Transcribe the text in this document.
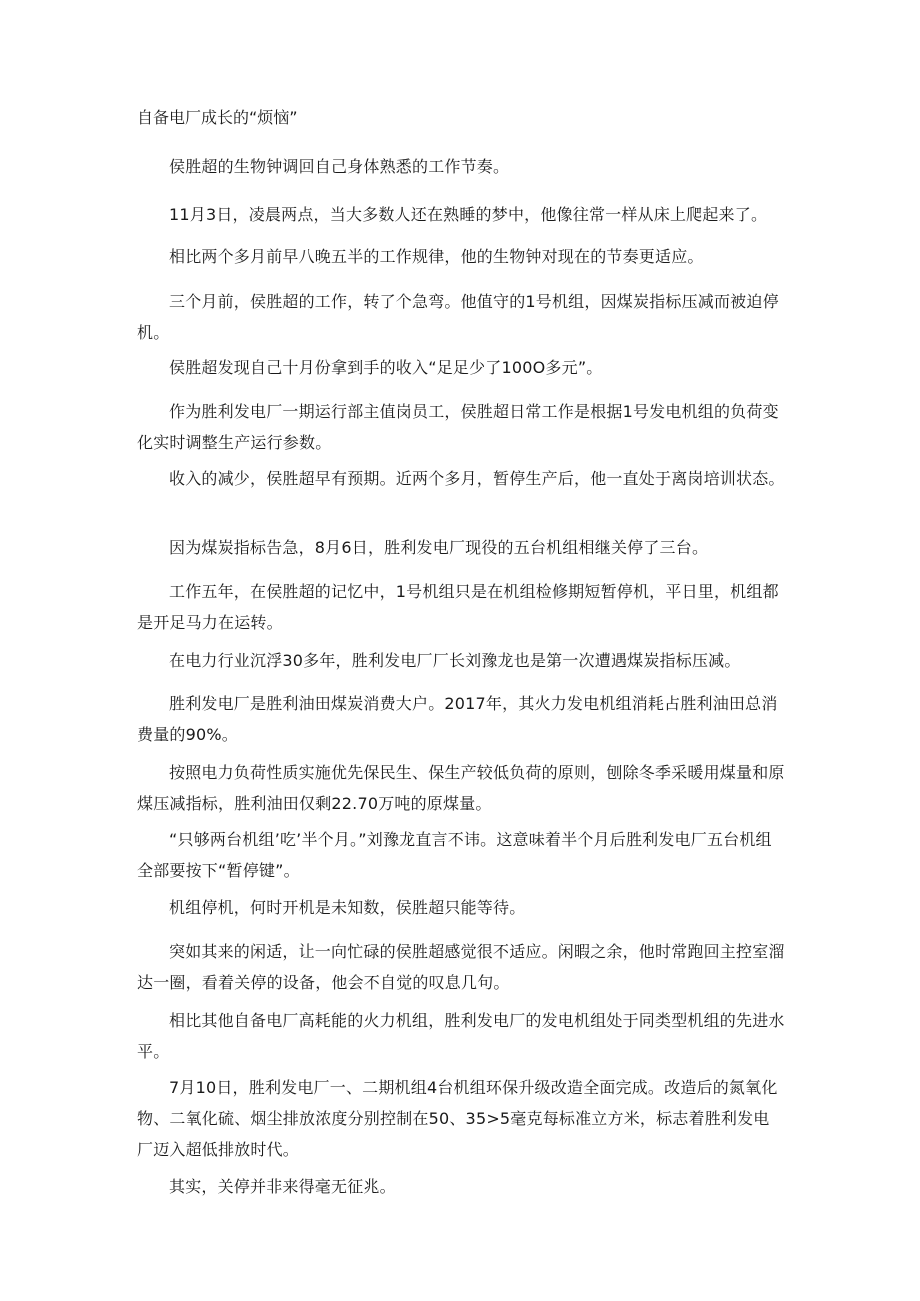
自备电厂成长的“烦恼”

侯胜超的生物钟调回自己身体熟悉的工作节奏。

11月3日，凌晨两点，当大多数人还在熟睡的梦中，他像往常一样从床上爬起来了。

相比两个多月前早八晚五半的工作规律，他的生物钟对现在的节奏更适应。

三个月前，侯胜超的工作，转了个急弯。他值守的1号机组，因煤炭指标压减而被迫停机。

侯胜超发现自己十月份拿到手的收入“足足少了100O多元”。

作为胜利发电厂一期运行部主值岗员工，侯胜超日常工作是根据1号发电机组的负荷变化实时调整生产运行参数。

收入的减少，侯胜超早有预期。近两个多月，暂停生产后，他一直处于离岗培训状态。

因为煤炭指标告急，8月6日，胜利发电厂现役的五台机组相继关停了三台。

工作五年，在侯胜超的记忆中，1号机组只是在机组检修期短暂停机，平日里，机组都是开足马力在运转。

在电力行业沉浮30多年，胜利发电厂厂长刘豫龙也是第一次遭遇煤炭指标压减。

胜利发电厂是胜利油田煤炭消费大户。2017年，其火力发电机组消耗占胜利油田总消费量的90%。

按照电力负荷性质实施优先保民生、保生产较低负荷的原则，刨除冬季采暖用煤量和原煤压减指标，胜利油田仅剩22.70万吨的原煤量。

“只够两台机组’吃’半个月。”刘豫龙直言不讳。这意味着半个月后胜利发电厂五台机组全部要按下“暂停键”。

机组停机，何时开机是未知数，侯胜超只能等待。

突如其来的闲适，让一向忙碌的侯胜超感觉很不适应。闲暇之余，他时常跑回主控室溜达一圈，看着关停的设备，他会不自觉的叹息几句。

相比其他自备电厂高耗能的火力机组，胜利发电厂的发电机组处于同类型机组的先进水平。

7月10日，胜利发电厂一、二期机组4台机组环保升级改造全面完成。改造后的氮氧化物、二氧化硫、烟尘排放浓度分别控制在50、35>5毫克每标准立方米，标志着胜利发电厂迈入超低排放时代。

其实，关停并非来得毫无征兆。
